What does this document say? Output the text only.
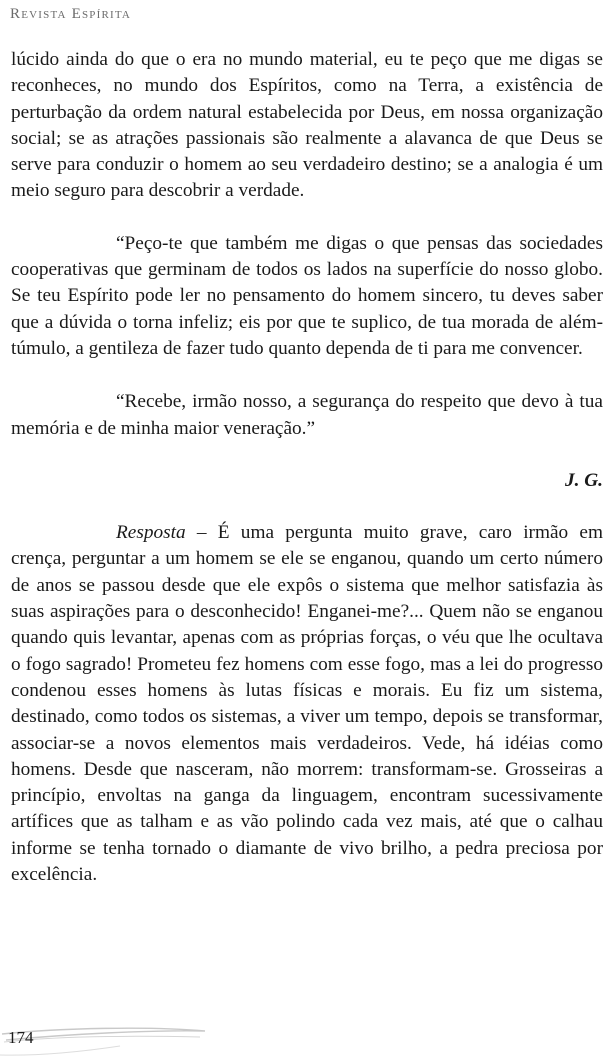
Revista Espírita

lúcido ainda do que o era no mundo material, eu te peço que me digas se reconheces, no mundo dos Espíritos, como na Terra, a existência de perturbação da ordem natural estabelecida por Deus, em nossa organização social; se as atrações passionais são realmente a alavanca de que Deus se serve para conduzir o homem ao seu verdadeiro destino; se a analogia é um meio seguro para descobrir a verdade.

“Peço-te que também me digas o que pensas das sociedades cooperativas que germinam de todos os lados na superfície do nosso globo. Se teu Espírito pode ler no pensamento do homem sincero, tu deves saber que a dúvida o torna infeliz; eis por que te suplico, de tua morada de além-túmulo, a gentileza de fazer tudo quanto dependa de ti para me convencer.

“Recebe, irmão nosso, a segurança do respeito que devo à tua memória e de minha maior veneração.”

J. G.

Resposta – É uma pergunta muito grave, caro irmão em crença, perguntar a um homem se ele se enganou, quando um certo número de anos se passou desde que ele expôs o sistema que melhor satisfazia às suas aspirações para o desconhecido! Enganei-me?... Quem não se enganou quando quis levantar, apenas com as próprias forças, o véu que lhe ocultava o fogo sagrado! Prometeu fez homens com esse fogo, mas a lei do progresso condenou esses homens às lutas físicas e morais. Eu fiz um sistema, destinado, como todos os sistemas, a viver um tempo, depois se transformar, associar-se a novos elementos mais verdadeiros. Vede, há idéias como homens. Desde que nasceram, não morrem: transformam-se. Grosseiras a princípio, envoltas na ganga da linguagem, encontram sucessivamente artífices que as talham e as vão polindo cada vez mais, até que o calhau informe se tenha tornado o diamante de vivo brilho, a pedra preciosa por excelência.

174
